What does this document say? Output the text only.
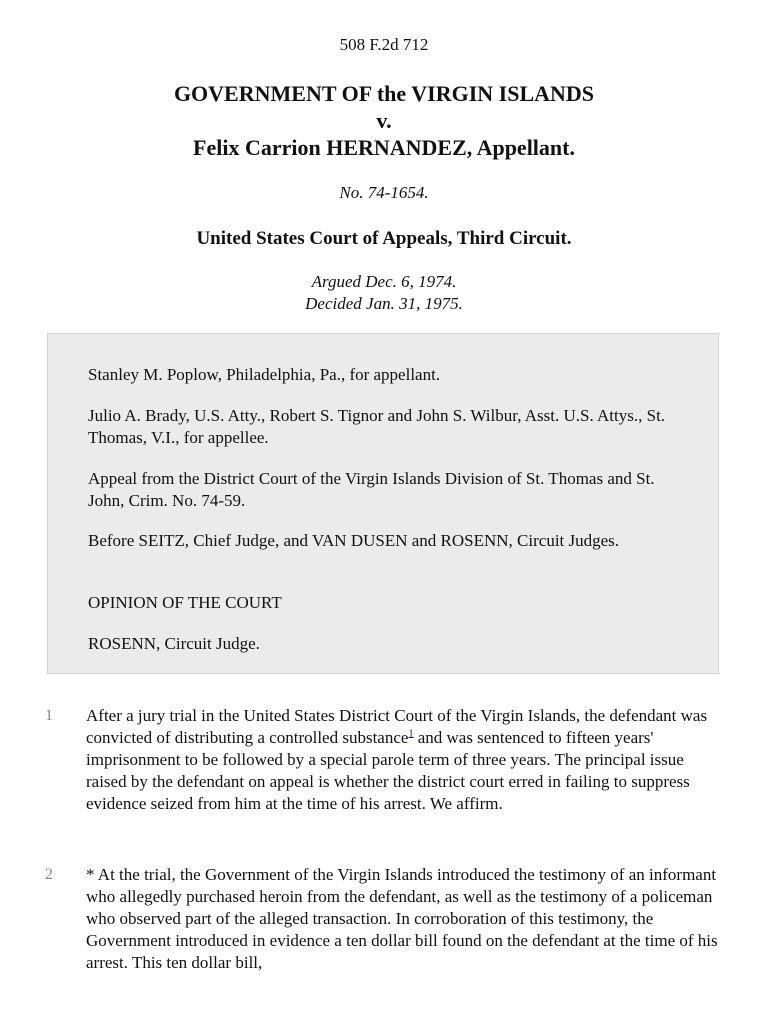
508 F.2d 712
GOVERNMENT OF the VIRGIN ISLANDS
v.
Felix Carrion HERNANDEZ, Appellant.
No. 74-1654.
United States Court of Appeals, Third Circuit.
Argued Dec. 6, 1974.
Decided Jan. 31, 1975.

Stanley M. Poplow, Philadelphia, Pa., for appellant.

Julio A. Brady, U.S. Atty., Robert S. Tignor and John S. Wilbur, Asst. U.S. Attys., St. Thomas, V.I., for appellee.

Appeal from the District Court of the Virgin Islands Division of St. Thomas and St. John, Crim. No. 74-59.

Before SEITZ, Chief Judge, and VAN DUSEN and ROSENN, Circuit Judges.

OPINION OF THE COURT

ROSENN, Circuit Judge.

1 After a jury trial in the United States District Court of the Virgin Islands, the defendant was convicted of distributing a controlled substance$^1$ and was sentenced to fifteen years' imprisonment to be followed by a special parole term of three years. The principal issue raised by the defendant on appeal is whether the district court erred in failing to suppress evidence seized from him at the time of his arrest. We affirm.

2 * At the trial, the Government of the Virgin Islands introduced the testimony of an informant who allegedly purchased heroin from the defendant, as well as the testimony of a policeman who observed part of the alleged transaction. In corroboration of this testimony, the Government introduced in evidence a ten dollar bill found on the defendant at the time of his arrest. This ten dollar bill,
